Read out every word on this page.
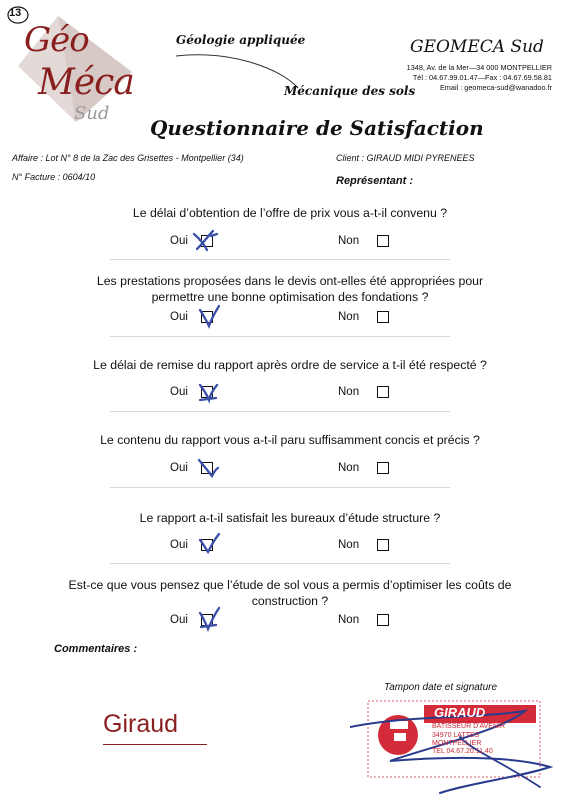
13
Géo
Méca
Sud
Géologie appliquée
Mécanique des sols
GEOMECA Sud
1348, Av. de la Mer—34 000 MONTPELLIER
Tél : 04.67.99.01.47—Fax : 04.67.69.58.81
Email : geomeca-sud@wanadoo.fr
Questionnaire de Satisfaction
Affaire : Lot N° 8 de la Zac des Grisettes - Montpellier (34)	Client : GIRAUD MIDI PYRENEES
N° Facture : 0604/10	Représentant :
Le délai d’obtention de l’offre de prix vous a-t-il convenu ?
Oui	Non
Les prestations proposées dans le devis ont-elles été appropriées pour
permettre une bonne optimisation des fondations ?
Oui	Non
Le délai de remise du rapport après ordre de service a t-il été respecté ?
Oui	Non
Le contenu du rapport vous a-t-il paru suffisamment concis et précis ?
Oui	Non
Le rapport a-t-il satisfait les bureaux d’étude structure ?
Oui	Non
Est-ce que vous pensez que l’étude de sol vous a permis d’optimiser les coûts de
construction ?
Oui	Non
Commentaires :
Tampon date et signature
GIRAUD
BATISSEUR D'AVENIR
34970 LATTES
MONTPELLIER
TEL 04.67.20.11.40
Giraud
